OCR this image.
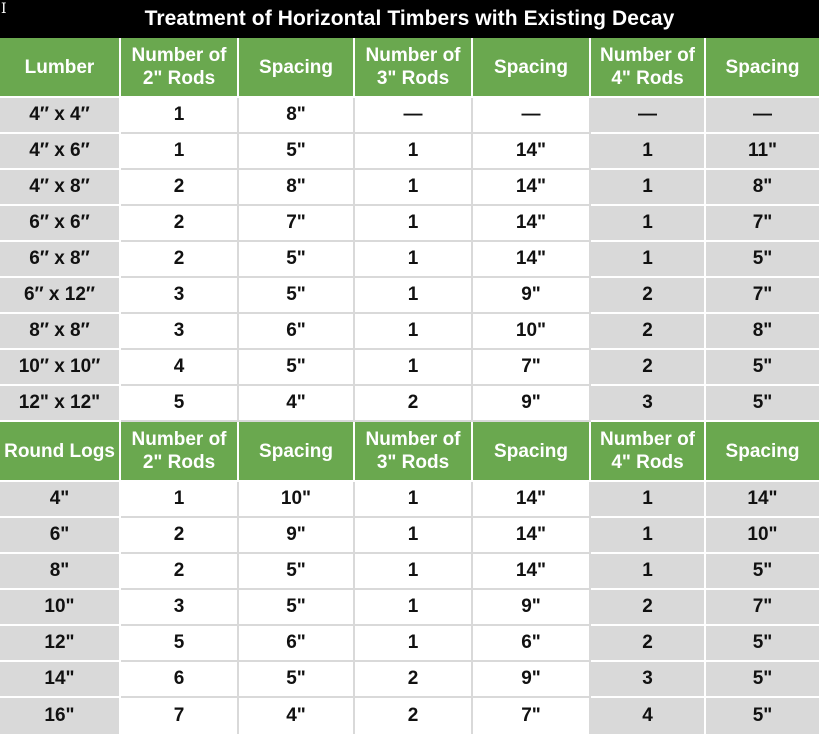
Treatment of Horizontal Timbers with Existing Decay
I
Lumber	Number of 2" Rods	Spacing	Number of 3" Rods	Spacing	Number of 4" Rods	Spacing
4″ x 4″	1	8"	—	—	—	—
4″ x 6″	1	5"	1	14"	1	11"
4″ x 8″	2	8"	1	14"	1	8"
6″ x 6″	2	7"	1	14"	1	7"
6″ x 8″	2	5"	1	14"	1	5"
6″ x 12″	3	5"	1	9"	2	7"
8″ x 8″	3	6"	1	10"	2	8"
10″ x 10″	4	5"	1	7"	2	5"
12" x 12"	5	4"	2	9"	3	5"
Round Logs	Number of 2" Rods	Spacing	Number of 3" Rods	Spacing	Number of 4" Rods	Spacing
4"	1	10"	1	14"	1	14"
6"	2	9"	1	14"	1	10"
8"	2	5"	1	14"	1	5"
10"	3	5"	1	9"	2	7"
12"	5	6"	1	6"	2	5"
14"	6	5"	2	9"	3	5"
16"	7	4"	2	7"	4	5"
